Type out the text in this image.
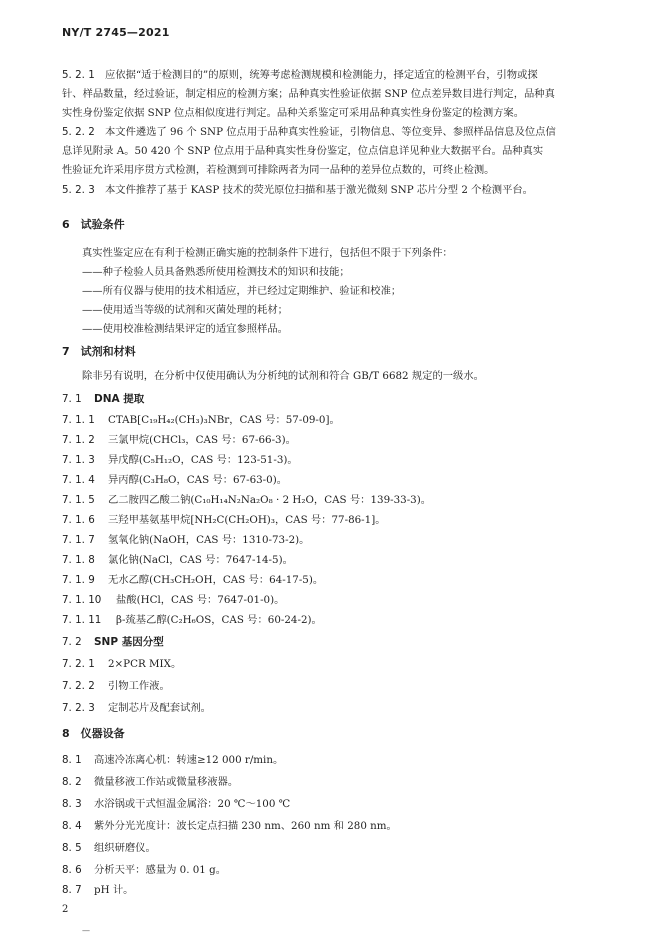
NY/T 2745—2021
5. 2. 1 应依据“适于检测目的”的原则，统筹考虑检测规模和检测能力，择定适宜的检测平台，引物或探
针、样品数量，经过验证，制定相应的检测方案；品种真实性验证依据 SNP 位点差异数目进行判定，品种真
实性身份鉴定依据 SNP 位点相似度进行判定。品种关系鉴定可采用品种真实性身份鉴定的检测方案。
5. 2. 2 本文件遴选了 96 个 SNP 位点用于品种真实性验证，引物信息、等位变异、参照样品信息及位点信
息详见附录 A。50 420 个 SNP 位点用于品种真实性身份鉴定，位点信息详见种业大数据平台。品种真实
性验证允许采用序贯方式检测，若检测到可排除两者为同一品种的差异位点数的，可终止检测。
5. 2. 3 本文件推荐了基于 KASP 技术的荧光原位扫描和基于激光微刻 SNP 芯片分型 2 个检测平台。
6　试验条件
真实性鉴定应在有利于检测正确实施的控制条件下进行，包括但不限于下列条件：
——种子检验人员具备熟悉所使用检测技术的知识和技能；
——所有仪器与使用的技术相适应，并已经过定期维护、验证和校准；
——使用适当等级的试剂和灭菌处理的耗材；
——使用校准检测结果评定的适宜参照样品。
7　试剂和材料
除非另有说明，在分析中仅使用确认为分析纯的试剂和符合 GB/T 6682 规定的一级水。
7. 1 DNA 提取
7. 1. 1 CTAB[C₁₉H₄₂(CH₃)₃NBr，CAS 号：57-09-0]。
7. 1. 2 三氯甲烷(CHCl₃，CAS 号：67-66-3)。
7. 1. 3 异戊醇(C₅H₁₂O，CAS 号：123-51-3)。
7. 1. 4 异丙醇(C₃H₈O，CAS 号：67-63-0)。
7. 1. 5 乙二胺四乙酸二钠(C₁₀H₁₄N₂Na₂O₈ · 2 H₂O，CAS 号：139-33-3)。
7. 1. 6 三羟甲基氨基甲烷[NH₂C(CH₂OH)₃，CAS 号：77-86-1]。
7. 1. 7 氢氧化钠(NaOH，CAS 号：1310-73-2)。
7. 1. 8 氯化钠(NaCl，CAS 号：7647-14-5)。
7. 1. 9 无水乙醇(CH₃CH₂OH，CAS 号：64-17-5)。
7. 1. 10 盐酸(HCl，CAS 号：7647-01-0)。
7. 1. 11 β-巯基乙醇(C₂H₆OS，CAS 号：60-24-2)。
7. 2 SNP 基因分型
7. 2. 1 2×PCR MIX。
7. 2. 2 引物工作液。
7. 2. 3 定制芯片及配套试剂。
8　仪器设备
8. 1 高速冷冻离心机：转速≥12 000 r/min。
8. 2 微量移液工作站或微量移液器。
8. 3 水浴锅或干式恒温金属浴：20 ℃～100 ℃
8. 4 紫外分光光度计：波长定点扫描 230 nm、260 nm 和 280 nm。
8. 5 组织研磨仪。
8. 6 分析天平：感量为 0. 01 g。
8. 7 pH 计。
2
—
